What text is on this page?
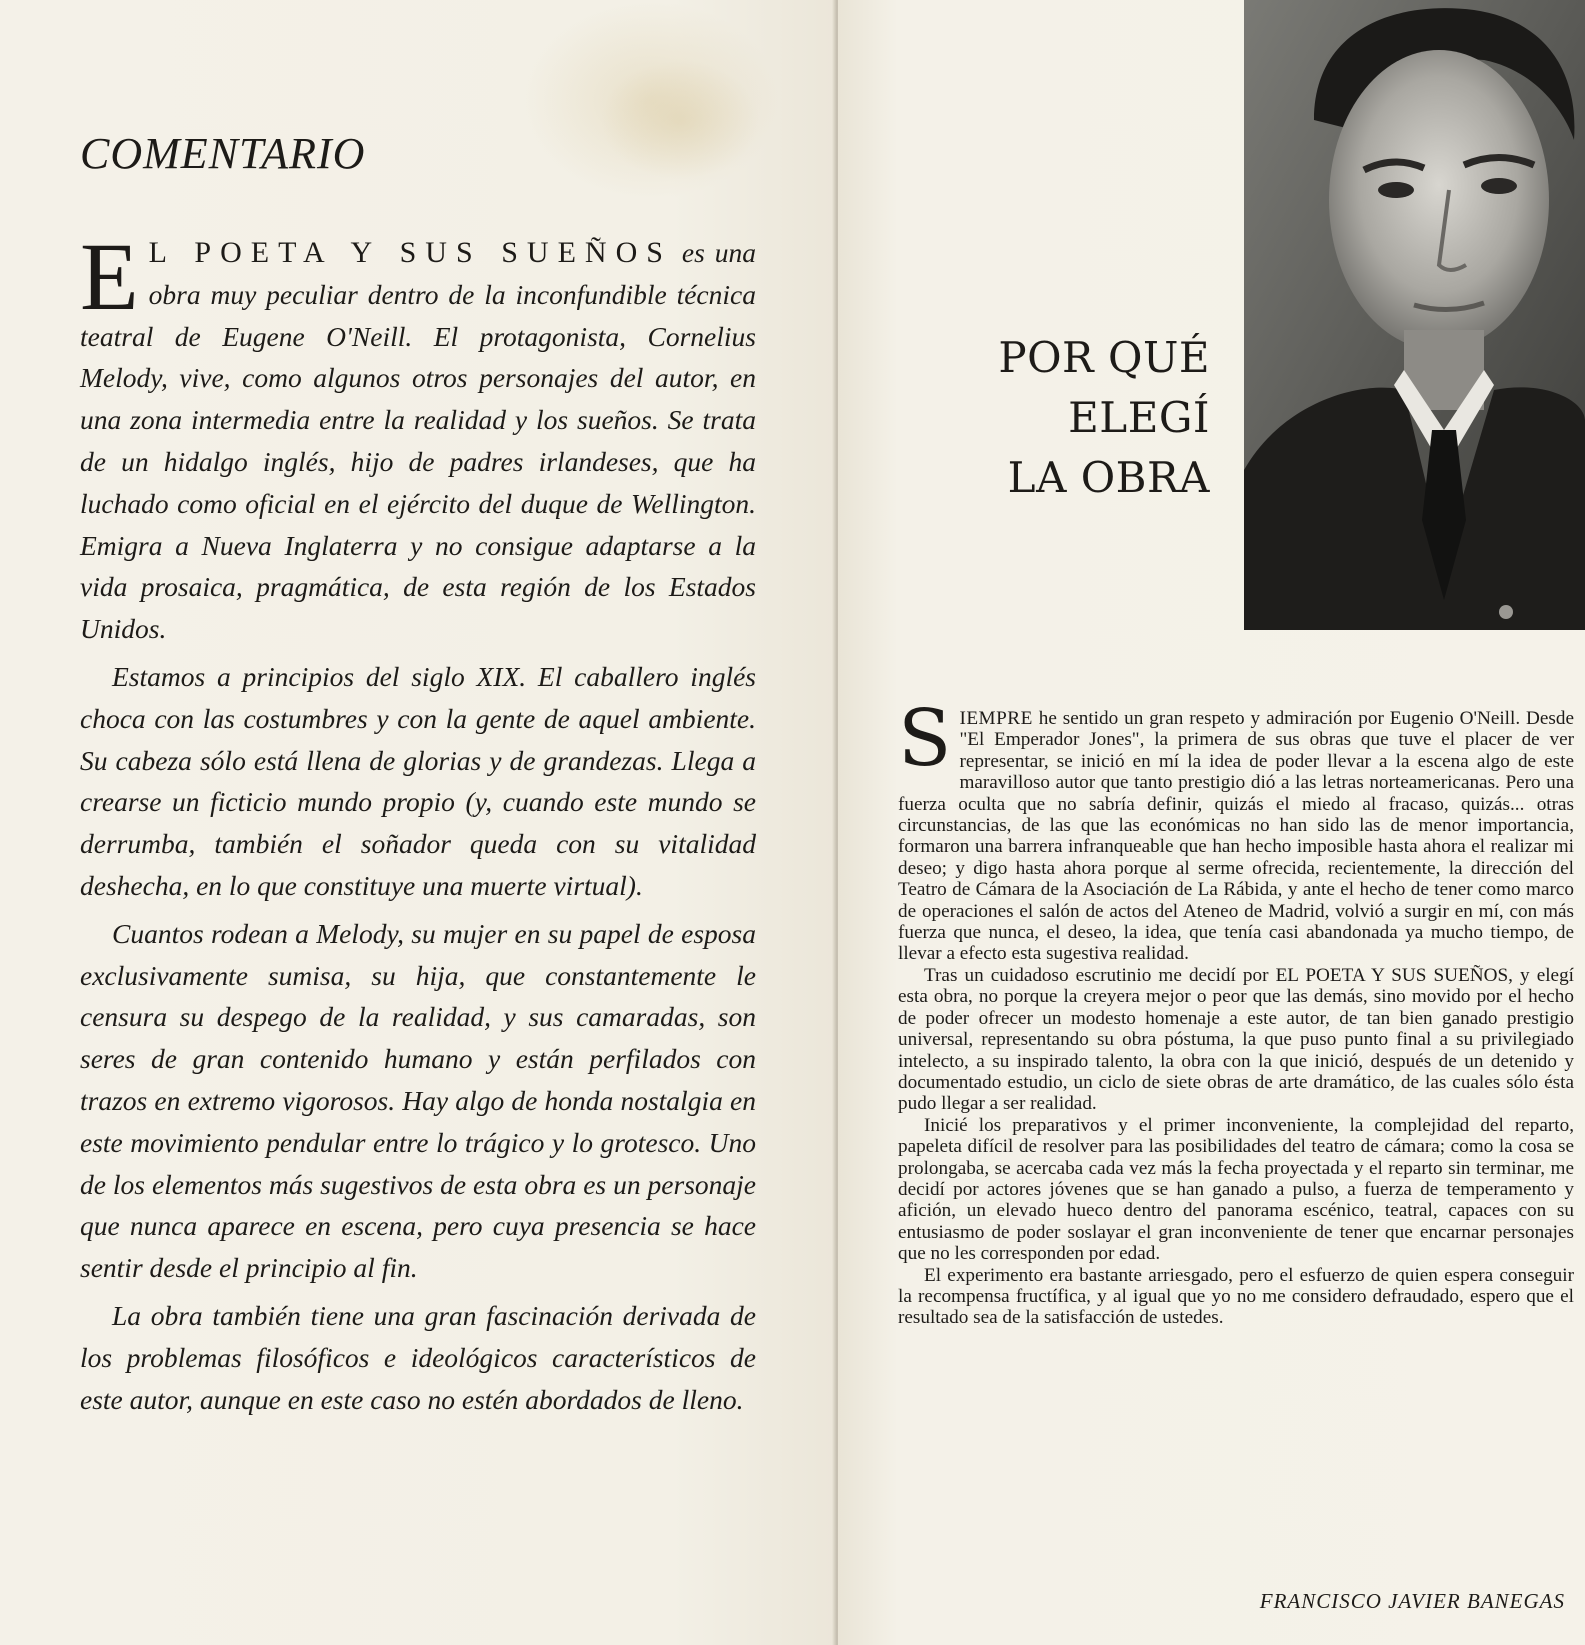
COMENTARIO

E L POETA Y SUS SUEÑOS es una obra muy peculiar dentro de la inconfundible técnica teatral de Eugene O'Neill. El protagonista, Cornelius Melody, vive, como algunos otros personajes del autor, en una zona intermedia entre la realidad y los sueños. Se trata de un hidalgo inglés, hijo de padres irlandeses, que ha luchado como oficial en el ejército del duque de Wellington. Emigra a Nueva Inglaterra y no consigue adaptarse a la vida prosaica, pragmática, de esta región de los Estados Unidos.

Estamos a principios del siglo XIX. El caballero inglés choca con las costumbres y con la gente de aquel ambiente. Su cabeza sólo está llena de glorias y de grandezas. Llega a crearse un ficticio mundo propio (y, cuando este mundo se derrumba, también el soñador queda con su vitalidad deshecha, en lo que constituye una muerte virtual).

Cuantos rodean a Melody, su mujer en su papel de esposa exclusivamente sumisa, su hija, que constantemente le censura su despego de la realidad, y sus camaradas, son seres de gran contenido humano y están perfilados con trazos en extremo vigorosos. Hay algo de honda nostalgia en este movimiento pendular entre lo trágico y lo grotesco. Uno de los elementos más sugestivos de esta obra es un personaje que nunca aparece en escena, pero cuya presencia se hace sentir desde el principio al fin.

La obra también tiene una gran fascinación derivada de los problemas filosóficos e ideológicos característicos de este autor, aunque en este caso no estén abordados de lleno.

POR QUÉ
ELEGÍ
LA OBRA

SIEMPRE he sentido un gran respeto y admiración por Eugenio O'Neill. Desde "El Emperador Jones", la primera de sus obras que tuve el placer de ver representar, se inició en mí la idea de poder llevar a la escena algo de este maravilloso autor que tanto prestigio dió a las letras norteamericanas. Pero una fuerza oculta que no sabría definir, quizás el miedo al fracaso, quizás... otras circunstancias, de las que las económicas no han sido las de menor importancia, formaron una barrera infranqueable que han hecho imposible hasta ahora el realizar mi deseo; y digo hasta ahora porque al serme ofrecida, recientemente, la dirección del Teatro de Cámara de la Asociación de La Rábida, y ante el hecho de tener como marco de operaciones el salón de actos del Ateneo de Madrid, volvió a surgir en mí, con más fuerza que nunca, el deseo, la idea, que tenía casi abandonada ya mucho tiempo, de llevar a efecto esta sugestiva realidad.

Tras un cuidadoso escrutinio me decidí por EL POETA Y SUS SUEÑOS, y elegí esta obra, no porque la creyera mejor o peor que las demás, sino movido por el hecho de poder ofrecer un modesto homenaje a este autor, de tan bien ganado prestigio universal, representando su obra póstuma, la que puso punto final a su privilegiado intelecto, a su inspirado talento, la obra con la que inició, después de un detenido y documentado estudio, un ciclo de siete obras de arte dramático, de las cuales sólo ésta pudo llegar a ser realidad.

Inicié los preparativos y el primer inconveniente, la complejidad del reparto, papeleta difícil de resolver para las posibilidades del teatro de cámara; como la cosa se prolongaba, se acercaba cada vez más la fecha proyectada y el reparto sin terminar, me decidí por actores jóvenes que se han ganado a pulso, a fuerza de temperamento y afición, un elevado hueco dentro del panorama escénico, teatral, capaces con su entusiasmo de poder soslayar el gran inconveniente de tener que encarnar personajes que no les corresponden por edad.

El experimento era bastante arriesgado, pero el esfuerzo de quien espera conseguir la recompensa fructífica, y al igual que yo no me considero defraudado, espero que el resultado sea de la satisfacción de ustedes.

FRANCISCO JAVIER BANEGAS
